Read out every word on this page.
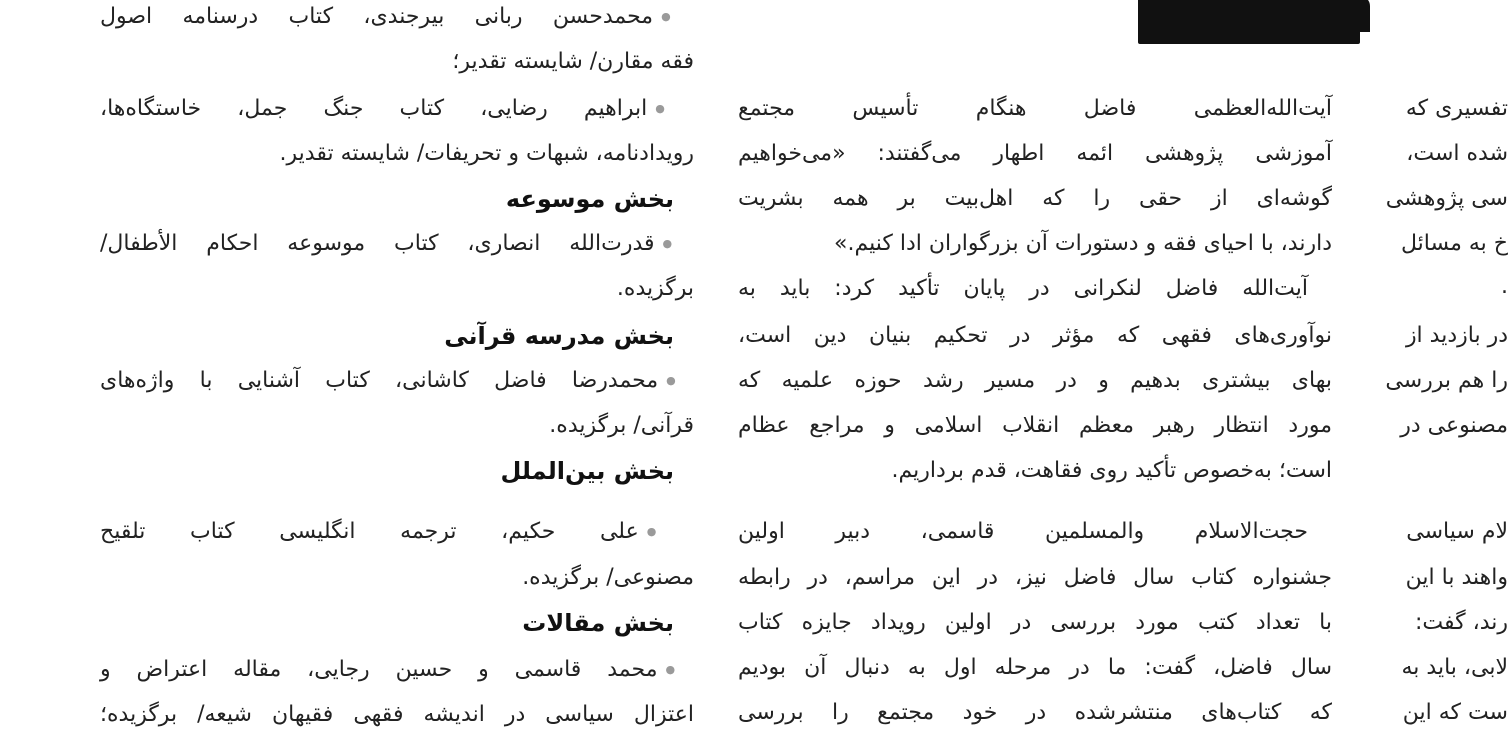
تفسیری که
شده است،
سی پژوهشی
خ به مسائل
.
در بازدید از
را هم بررسی
مصنوعی در
لام سیاسی
واهند با این
رند، گفت:
لابی، باید به
ست که این
آیت‌الله‌العظمی فاضل هنگام تأسیس مجتمع
آموزشی پژوهشی ائمه اطهار می‌گفتند: «می‌خواهیم
گوشه‌ای از حقی را که اهل‌بیت بر همه بشریت
دارند، با احیای فقه و دستورات آن بزرگواران ادا کنیم.»
آیت‌الله فاضل لنکرانی در پایان تأکید کرد: باید به
نوآوری‌های فقهی که مؤثر در تحکیم بنیان دین است،
بهای بیشتری بدهیم و در مسیر رشد حوزه علمیه که
مورد انتظار رهبر معظم انقلاب اسلامی و مراجع عظام
است؛ به‌خصوص تأکید روی فقاهت، قدم برداریم.
حجت‌الاسلام والمسلمین قاسمی، دبیر اولین
جشنواره کتاب سال فاضل نیز، در این مراسم، در رابطه
با تعداد کتب مورد بررسی در اولین رویداد جایزه کتاب
سال فاضل، گفت: ما در مرحله اول به دنبال آن بودیم
که کتاب‌های منتشرشده در خود مجتمع را بررسی
● محمدحسن ربانی بیرجندی، کتاب درسنامه اصول
فقه مقارن/ شایسته تقدیر؛
● ابراهیم رضایی، کتاب جنگ جمل، خاستگاه‌ها،
رویدادنامه، شبهات و تحریفات/ شایسته تقدیر.
بخش موسوعه
● قدرت‌الله انصاری، کتاب موسوعه احکام الأطفال/
برگزیده.
بخش مدرسه قرآنی
● محمدرضا فاضل کاشانی، کتاب آشنایی با واژه‌های
قرآنی/ برگزیده.
بخش بین‌الملل
● علی حکیم، ترجمه انگلیسی کتاب تلقیح
مصنوعی/ برگزیده.
بخش مقالات
● محمد قاسمی و حسین رجایی، مقاله اعتراض و
اعتزال سیاسی در اندیشه فقهی فقیهان شیعه/ برگزیده؛
